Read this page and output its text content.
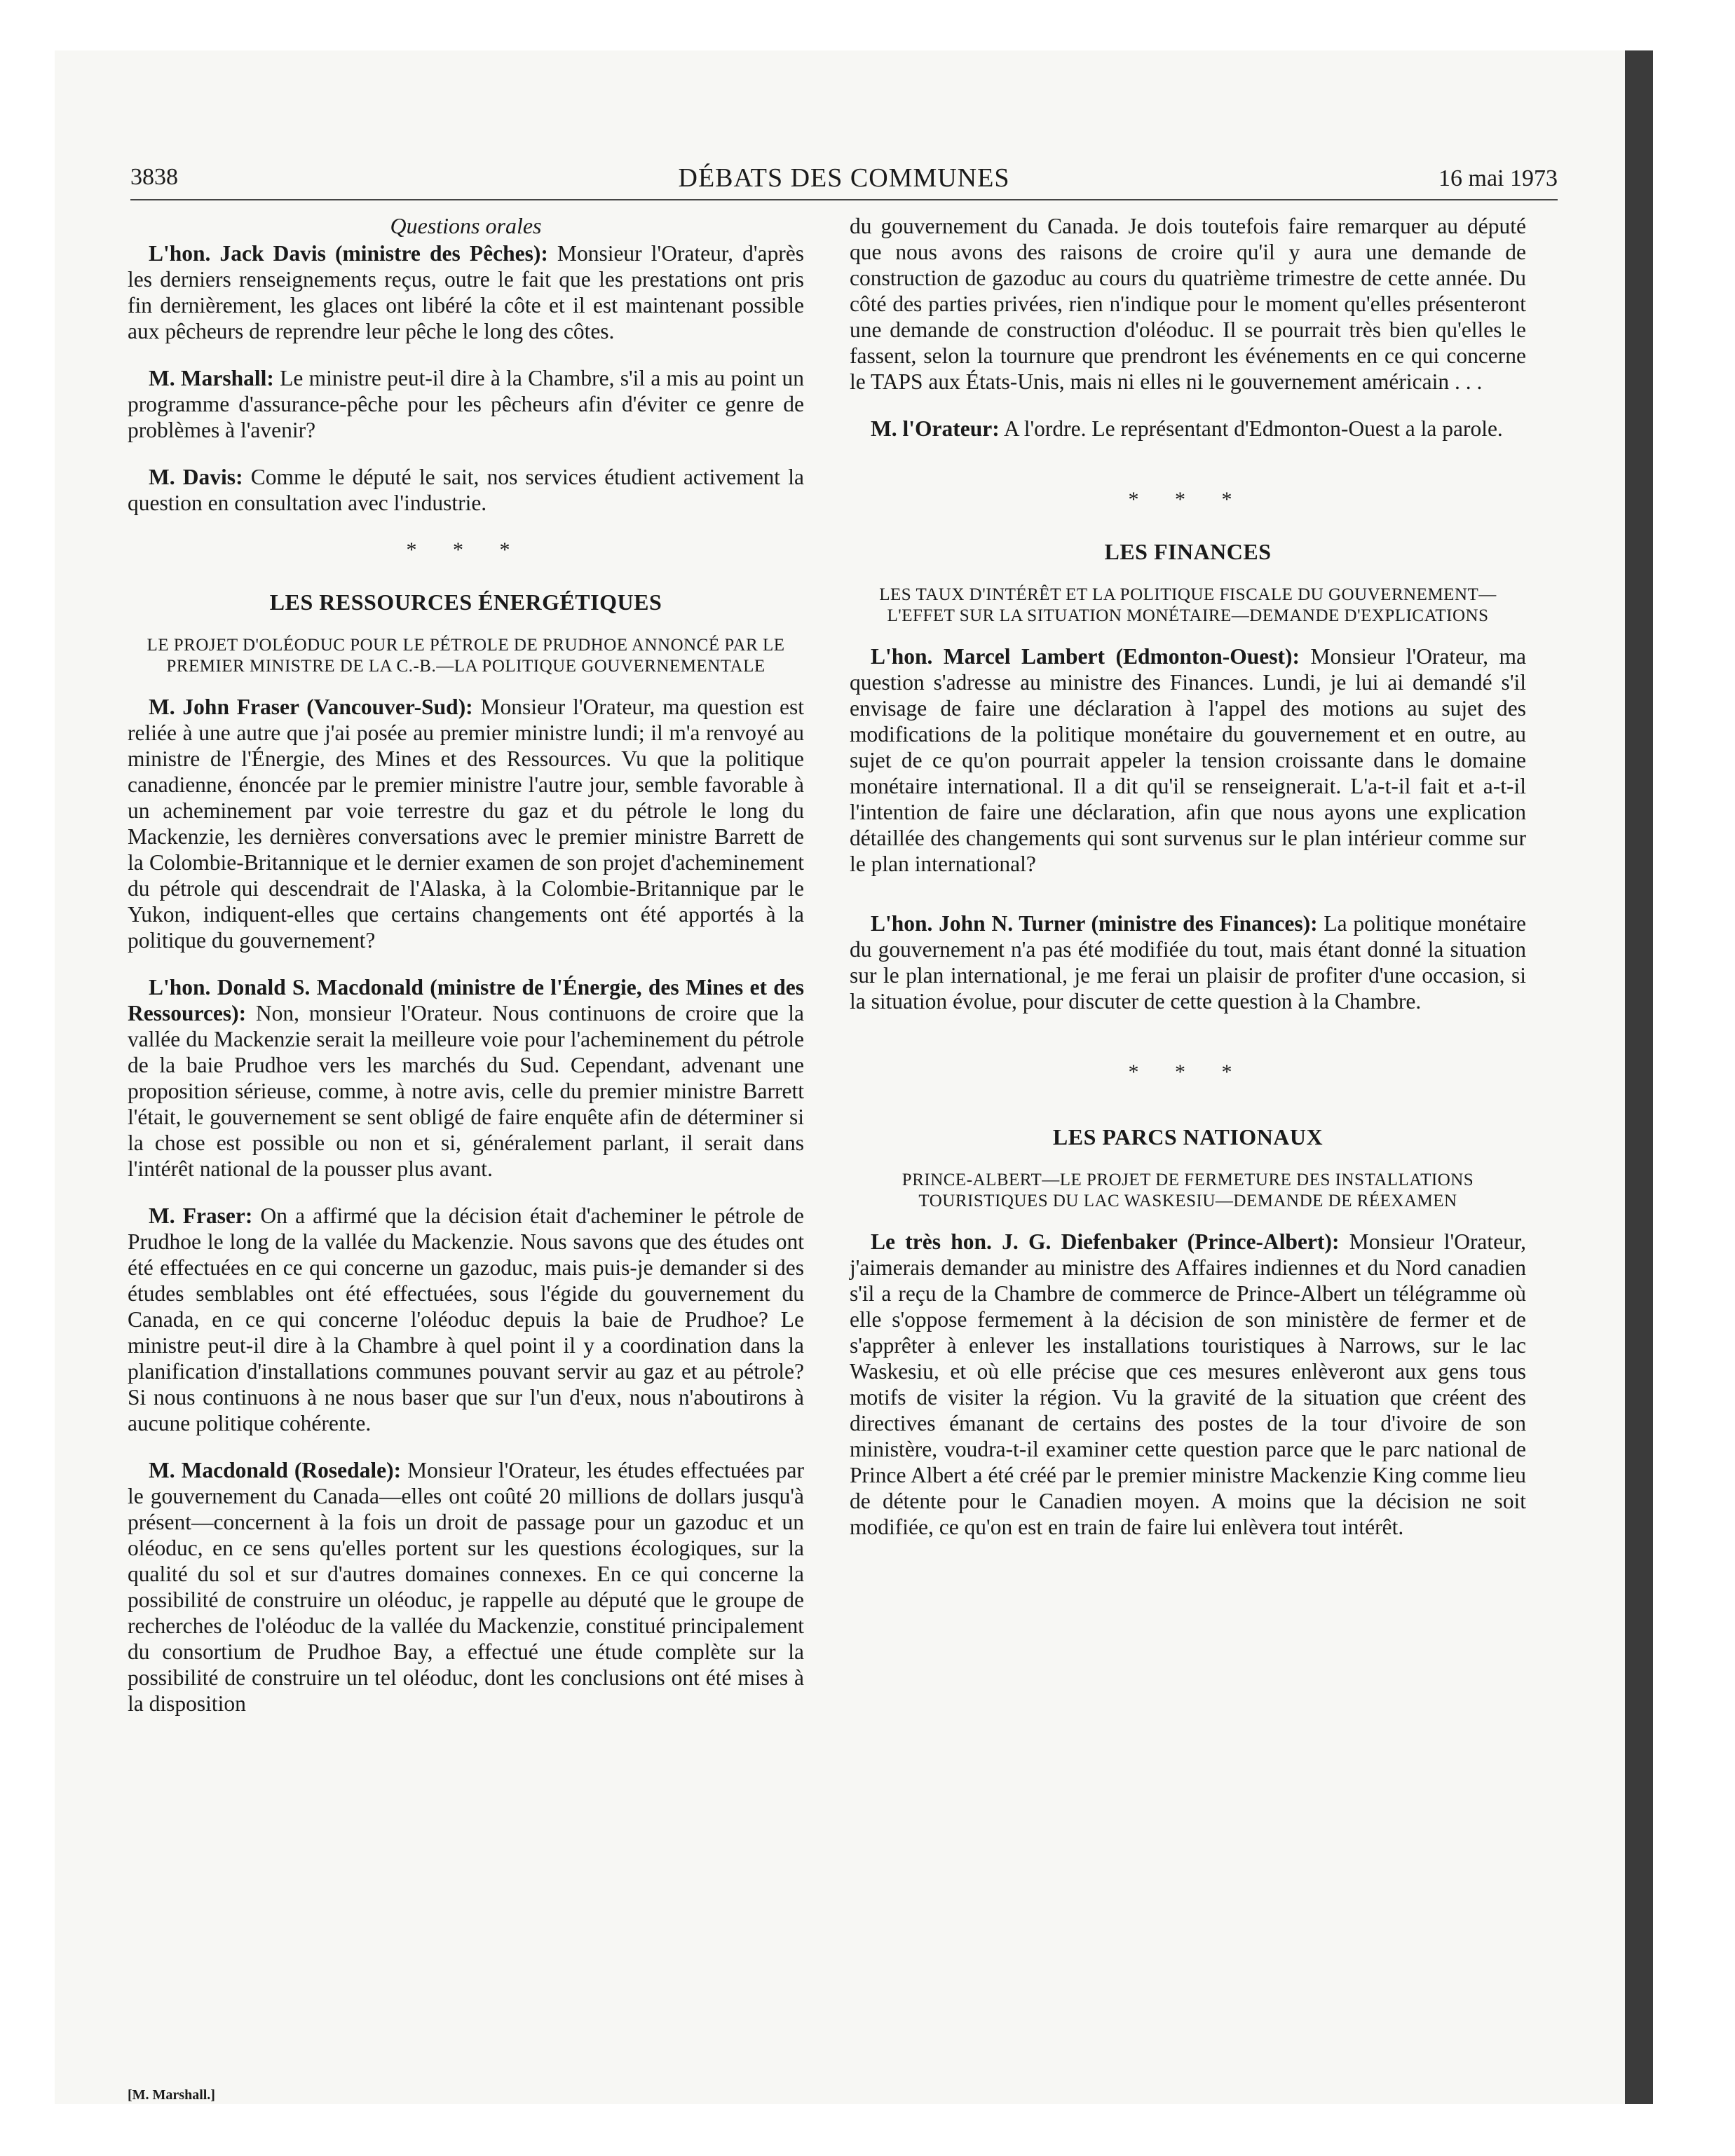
3838	DÉBATS DES COMMUNES	16 mai 1973
Questions orales

L'hon. Jack Davis (ministre des Pêches): Monsieur l'Orateur, d'après les derniers renseignements reçus, outre le fait que les prestations ont pris fin dernièrement, les glaces ont libéré la côte et il est maintenant possible aux pêcheurs de reprendre leur pêche le long des côtes.

M. Marshall: Le ministre peut-il dire à la Chambre, s'il a mis au point un programme d'assurance-pêche pour les pêcheurs afin d'éviter ce genre de problèmes à l'avenir?

M. Davis: Comme le député le sait, nos services étudient activement la question en consultation avec l'industrie.

* * *
LES RESSOURCES ÉNERGÉTIQUES
LE PROJET D'OLÉODUC POUR LE PÉTROLE DE PRUDHOE ANNONCÉ PAR LE PREMIER MINISTRE DE LA C.-B.—LA POLITIQUE GOUVERNEMENTALE

M. John Fraser (Vancouver-Sud): Monsieur l'Orateur, ma question est reliée à une autre que j'ai posée au premier ministre lundi; il m'a renvoyé au ministre de l'Énergie, des Mines et des Ressources. Vu que la politique canadienne, énoncée par le premier ministre l'autre jour, semble favorable à un acheminement par voie terrestre du gaz et du pétrole le long du Mackenzie, les dernières conversations avec le premier ministre Barrett de la Colombie-Britannique et le dernier examen de son projet d'acheminement du pétrole qui descendrait de l'Alaska, à la Colombie-Britannique par le Yukon, indiquent-elles que certains changements ont été apportés à la politique du gouvernement?

L'hon. Donald S. Macdonald (ministre de l'Énergie, des Mines et des Ressources): Non, monsieur l'Orateur. Nous continuons de croire que la vallée du Mackenzie serait la meilleure voie pour l'acheminement du pétrole de la baie Prudhoe vers les marchés du Sud. Cependant, advenant une proposition sérieuse, comme, à notre avis, celle du premier ministre Barrett l'était, le gouvernement se sent obligé de faire enquête afin de déterminer si la chose est possible ou non et si, généralement parlant, il serait dans l'intérêt national de la pousser plus avant.

M. Fraser: On a affirmé que la décision était d'acheminer le pétrole de Prudhoe le long de la vallée du Mackenzie. Nous savons que des études ont été effectuées en ce qui concerne un gazoduc, mais puis-je demander si des études semblables ont été effectuées, sous l'égide du gouvernement du Canada, en ce qui concerne l'oléoduc depuis la baie de Prudhoe? Le ministre peut-il dire à la Chambre à quel point il y a coordination dans la planification d'installations communes pouvant servir au gaz et au pétrole? Si nous continuons à ne nous baser que sur l'un d'eux, nous n'aboutirons à aucune politique cohérente.

M. Macdonald (Rosedale): Monsieur l'Orateur, les études effectuées par le gouvernement du Canada—elles ont coûté 20 millions de dollars jusqu'à présent—concernent à la fois un droit de passage pour un gazoduc et un oléoduc, en ce sens qu'elles portent sur les questions écologiques, sur la qualité du sol et sur d'autres domaines connexes. En ce qui concerne la possibilité de construire un oléoduc, je rappelle au député que le groupe de recherches de l'oléoduc de la vallée du Mackenzie, constitué principalement du consortium de Prudhoe Bay, a effectué une étude complète sur la possibilité de construire un tel oléoduc, dont les conclusions ont été mises à la disposition

[M. Marshall.]

du gouvernement du Canada. Je dois toutefois faire remarquer au député que nous avons des raisons de croire qu'il y aura une demande de construction de gazoduc au cours du quatrième trimestre de cette année. Du côté des parties privées, rien n'indique pour le moment qu'elles présenteront une demande de construction d'oléoduc. Il se pourrait très bien qu'elles le fassent, selon la tournure que prendront les événements en ce qui concerne le TAPS aux États-Unis, mais ni elles ni le gouvernement américain . . .

M. l'Orateur: A l'ordre. Le représentant d'Edmonton-Ouest a la parole.

* * *
LES FINANCES
LES TAUX D'INTÉRÊT ET LA POLITIQUE FISCALE DU GOUVERNEMENT—L'EFFET SUR LA SITUATION MONÉTAIRE—DEMANDE D'EXPLICATIONS

L'hon. Marcel Lambert (Edmonton-Ouest): Monsieur l'Orateur, ma question s'adresse au ministre des Finances. Lundi, je lui ai demandé s'il envisage de faire une déclaration à l'appel des motions au sujet des modifications de la politique monétaire du gouvernement et en outre, au sujet de ce qu'on pourrait appeler la tension croissante dans le domaine monétaire international. Il a dit qu'il se renseignerait. L'a-t-il fait et a-t-il l'intention de faire une déclaration, afin que nous ayons une explication détaillée des changements qui sont survenus sur le plan intérieur comme sur le plan international?

L'hon. John N. Turner (ministre des Finances): La politique monétaire du gouvernement n'a pas été modifiée du tout, mais étant donné la situation sur le plan international, je me ferai un plaisir de profiter d'une occasion, si la situation évolue, pour discuter de cette question à la Chambre.

* * *
LES PARCS NATIONAUX
PRINCE-ALBERT—LE PROJET DE FERMETURE DES INSTALLATIONS TOURISTIQUES DU LAC WASKESIU—DEMANDE DE RÉEXAMEN

Le très hon. J. G. Diefenbaker (Prince-Albert): Monsieur l'Orateur, j'aimerais demander au ministre des Affaires indiennes et du Nord canadien s'il a reçu de la Chambre de commerce de Prince-Albert un télégramme où elle s'oppose fermement à la décision de son ministère de fermer et de s'apprêter à enlever les installations touristiques à Narrows, sur le lac Waskesiu, et où elle précise que ces mesures enlèveront aux gens tous motifs de visiter la région. Vu la gravité de la situation que créent des directives émanant de certains des postes de la tour d'ivoire de son ministère, voudra-t-il examiner cette question parce que le parc national de Prince Albert a été créé par le premier ministre Mackenzie King comme lieu de détente pour le Canadien moyen. A moins que la décision ne soit modifiée, ce qu'on est en train de faire lui enlèvera tout intérêt.
